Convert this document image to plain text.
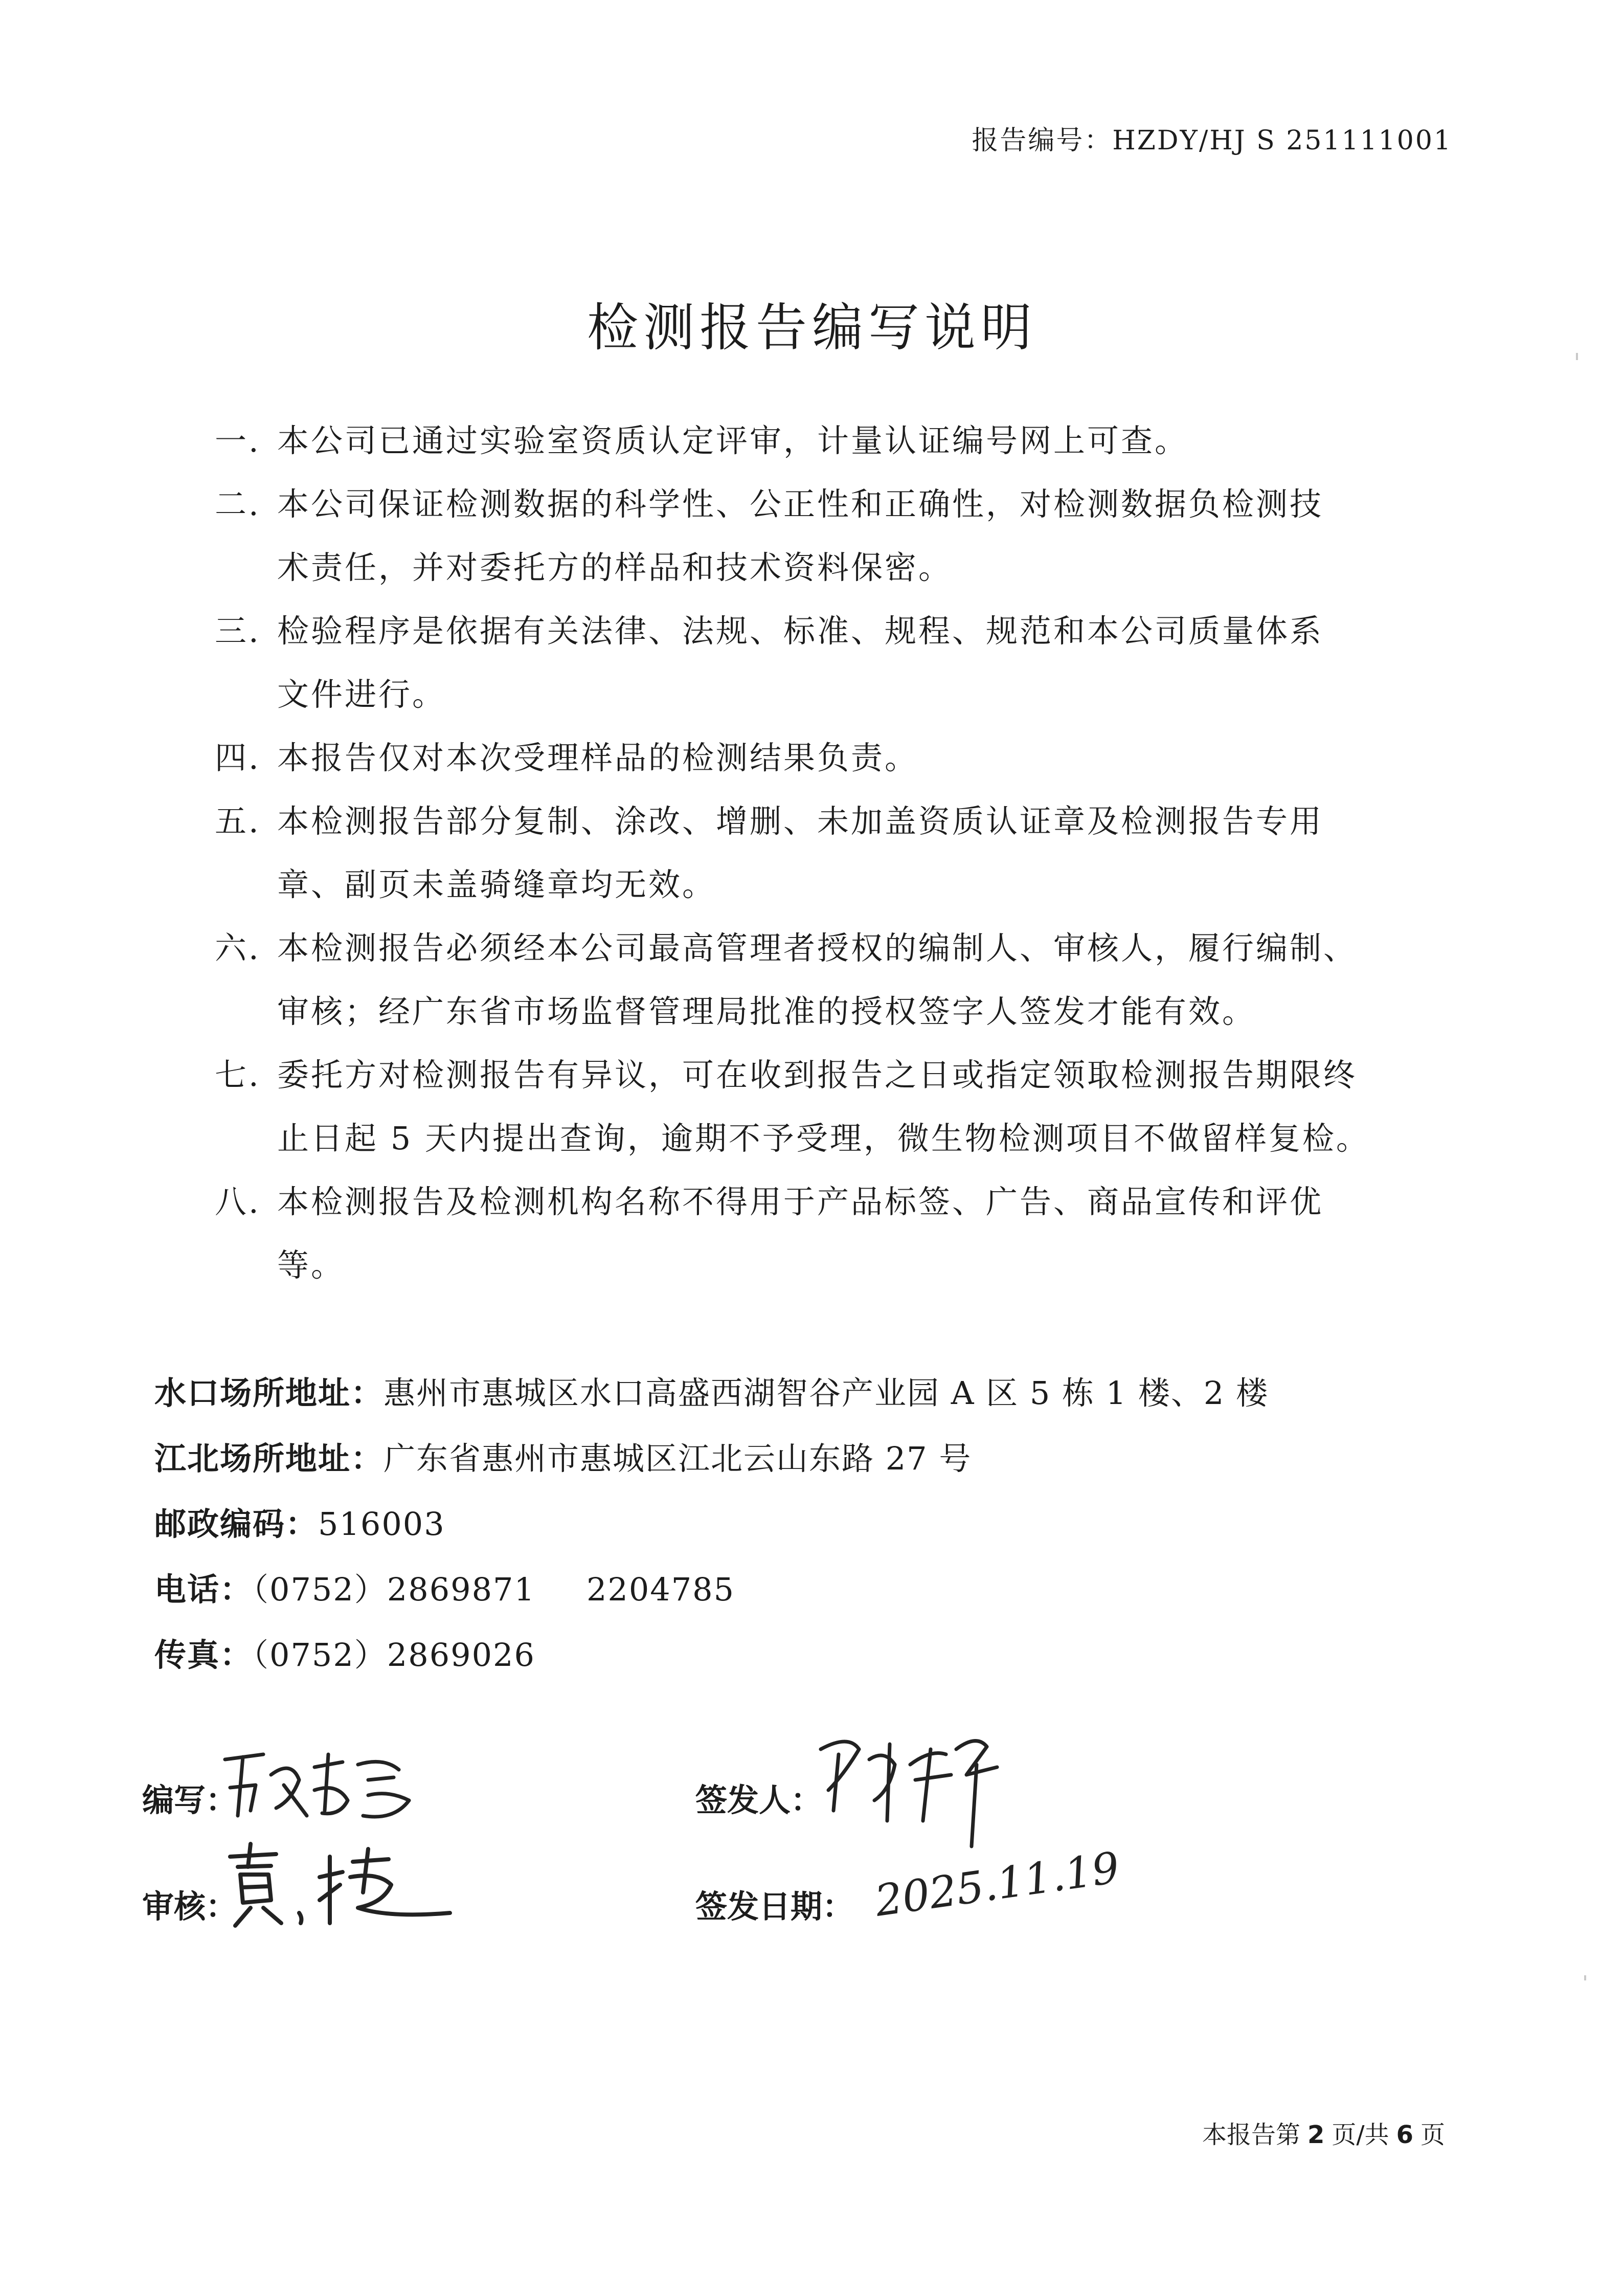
报告编号：HZDY/HJ S 251111001
检测报告编写说明
一. 本公司已通过实验室资质认定评审，计量认证编号网上可查。
二. 本公司保证检测数据的科学性、公正性和正确性，对检测数据负检测技
术责任，并对委托方的样品和技术资料保密。
三. 检验程序是依据有关法律、法规、标准、规程、规范和本公司质量体系
文件进行。
四. 本报告仅对本次受理样品的检测结果负责。
五. 本检测报告部分复制、涂改、增删、未加盖资质认证章及检测报告专用
章、副页未盖骑缝章均无效。
六. 本检测报告必须经本公司最高管理者授权的编制人、审核人，履行编制、
审核；经广东省市场监督管理局批准的授权签字人签发才能有效。
七. 委托方对检测报告有异议，可在收到报告之日或指定领取检测报告期限终
止日起 5 天内提出查询，逾期不予受理，微生物检测项目不做留样复检。
八. 本检测报告及检测机构名称不得用于产品标签、广告、商品宣传和评优
等。
水口场所地址：惠州市惠城区水口高盛西湖智谷产业园 A 区 5 栋 1 楼、2 楼
江北场所地址：广东省惠州市惠城区江北云山东路 27 号
邮政编码：516003
电话：（0752）2869871 2204785
传真：（0752）2869026
编写：	签发人：
审核：	签发日期： 2025.11.19
本报告第 2 页/共 6 页
